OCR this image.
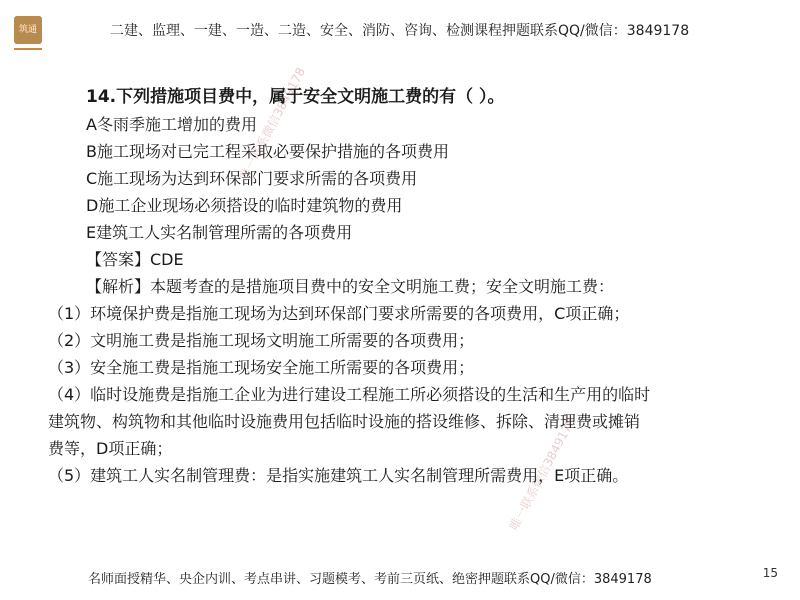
筑通	二建、监理、一建、一造、二造、安全、消防、咨询、检测课程押题联系QQ/微信：3849178
唯一联系微信3849178
唯一联系微信3849178
14.下列措施项目费中，属于安全文明施工费的有（ ）。
A冬雨季施工增加的费用
B施工现场对已完工程采取必要保护措施的各项费用
C施工现场为达到环保部门要求所需的各项费用
D施工企业现场必须搭设的临时建筑物的费用
E建筑工人实名制管理所需的各项费用
【答案】CDE
【解析】本题考查的是措施项目费中的安全文明施工费；安全文明施工费：
（1）环境保护费是指施工现场为达到环保部门要求所需要的各项费用，C项正确；
（2）文明施工费是指施工现场文明施工所需要的各项费用；
（3）安全施工费是指施工现场安全施工所需要的各项费用；
（4）临时设施费是指施工企业为进行建设工程施工所必须搭设的生活和生产用的临时
建筑物、构筑物和其他临时设施费用包括临时设施的搭设维修、拆除、清理费或摊销
费等，D项正确；
（5）建筑工人实名制管理费：是指实施建筑工人实名制管理所需费用，E项正确。
名师面授精华、央企内训、考点串讲、习题模考、考前三页纸、绝密押题联系QQ/微信：3849178	15
